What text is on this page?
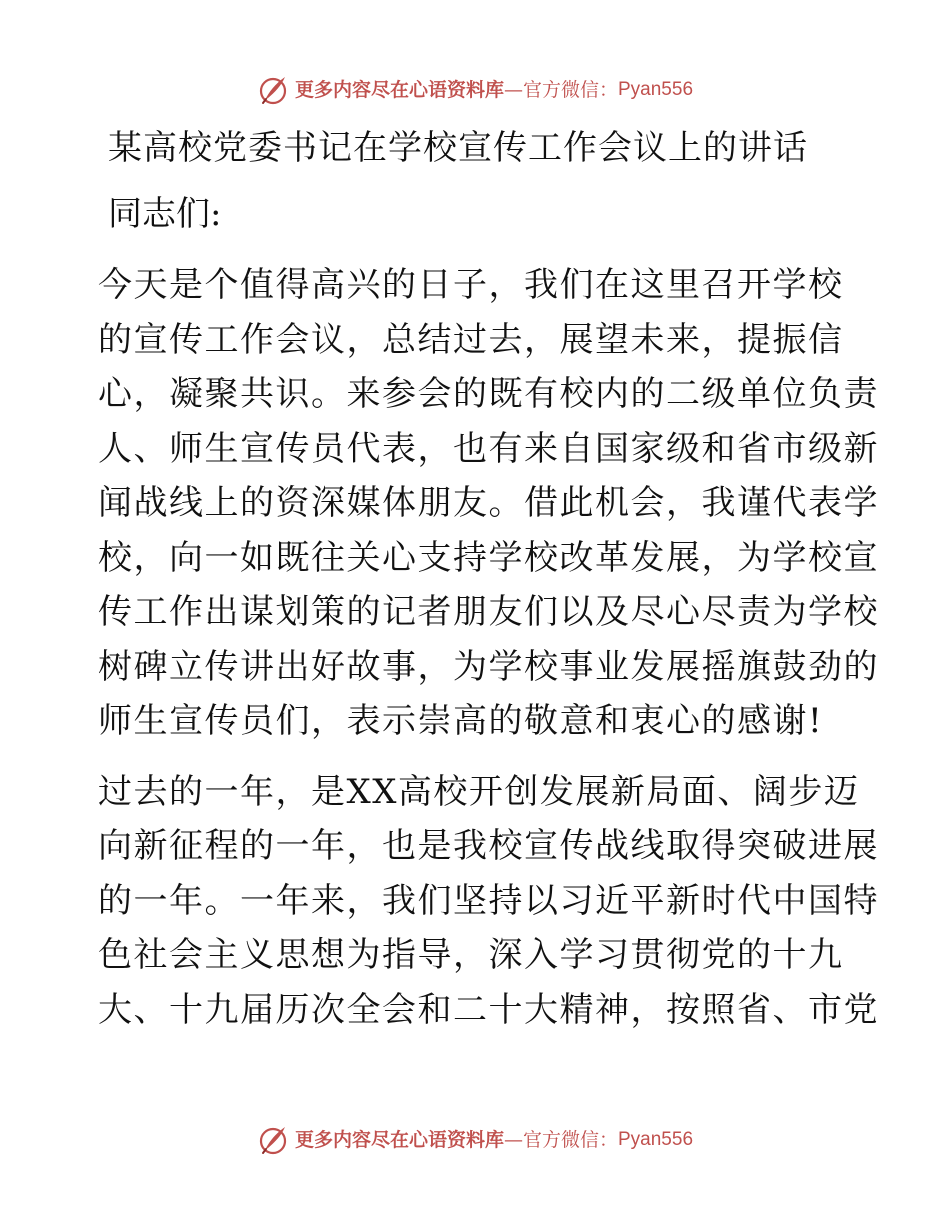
更多内容尽在心语资料库 — 官方微信： Pyan556
某高校党委书记在学校宣传工作会议上的讲话
同志们:
今天是个值得高兴的日子，我们在这里召开学校
的宣传工作会议，总结过去，展望未来，提振信
心，凝聚共识。来参会的既有校内的二级单位负责
人、师生宣传员代表，也有来自国家级和省市级新
闻战线上的资深媒体朋友。借此机会，我谨代表学
校，向一如既往关心支持学校改革发展，为学校宣
传工作出谋划策的记者朋友们以及尽心尽责为学校
树碑立传讲出好故事，为学校事业发展摇旗鼓劲的
师生宣传员们，表示崇高的敬意和衷心的感谢!
过去的一年，是XX高校开创发展新局面、阔步迈
向新征程的一年，也是我校宣传战线取得突破进展
的一年。一年来，我们坚持以习近平新时代中国特
色社会主义思想为指导，深入学习贯彻党的十九
大、十九届历次全会和二十大精神，按照省、市党
更多内容尽在心语资料库 — 官方微信： Pyan556
